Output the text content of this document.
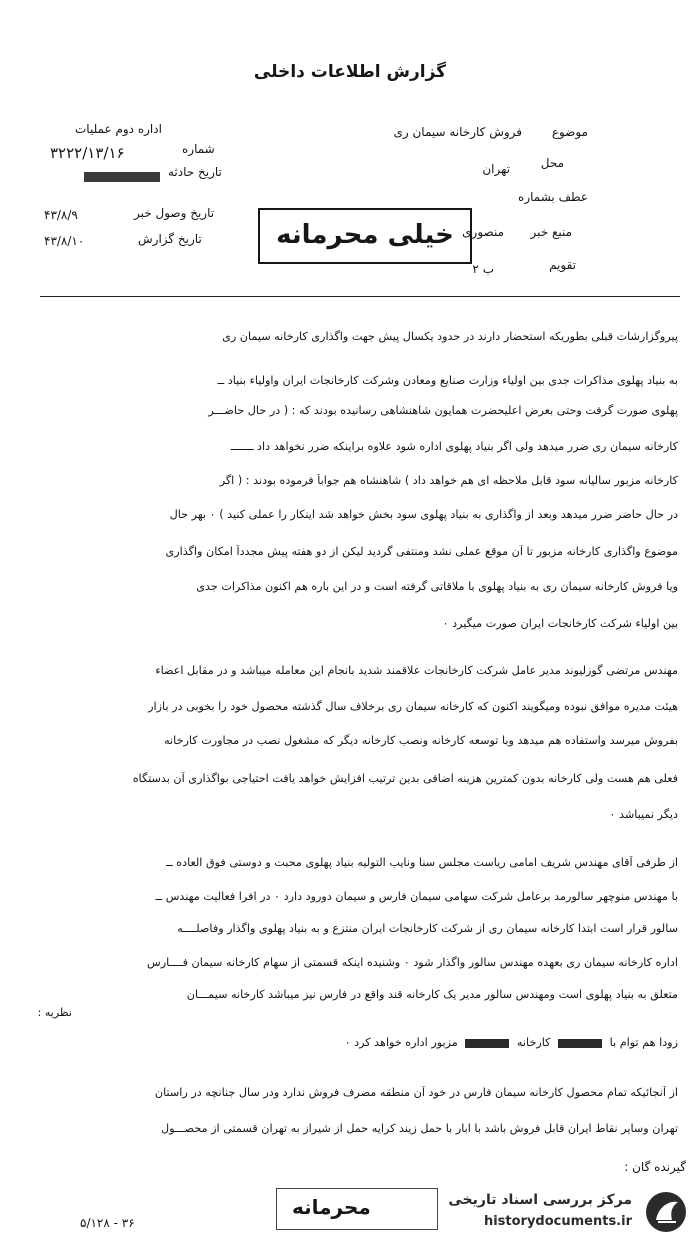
گزارش اطلاعات داخلی
موضوع
فروش کارخانه سیمان ری
محل
تهران
عطف بشماره
منبع خبر
منصوری
تقویم
ب ۲
اداره دوم عملیات
شماره
۳۲۲۲/۱۳/۱۶
تاریخ حادثه
تاریخ وصول خبر
۴۳/۸/۹
تاریخ گزارش
۴۳/۸/۱۰	خیلی محرمانه
پیروگزارشات قبلی بطوریکه استحضار دارند در حدود یکسال پیش جهت واگذاری کارخانه سیمان ری
به بنیاد پهلوی مذاکرات جدی بین اولیاء وزارت صنایع ومعادن وشرکت کارخانجات ایران واولیاء بنیاد ــ
پهلوی صورت گرفت وحتی بعرض اعلیحضرت همایون شاهنشاهی رسانیده بودند که : ( در حال حاضـــر
کارخانه سیمان ری ضرر میدهد ولی اگر بنیاد پهلوی اداره شود علاوه براینکه ضرر نخواهد داد ـــــــ
کارخانه مزبور سالیانه سود قابل ملاحظه ای هم خواهد داد ) شاهنشاه هم جواباً فرموده بودند : ( اگر
در حال حاضر ضرر میدهد وبعد از واگذاری به بنیاد پهلوی سود بخش خواهد شد اینکار را عملی کنید ) ۰ بهر حال
موضوع واگذاری کارخانه مزبور تا آن موقع عملی نشد ومنتفی گردید لیکن از دو هفته پیش مجدداً امکان واگذاری
ویا فروش کارخانه سیمان ری به بنیاد پهلوی با ملاقاتی گرفته است و در این باره هم اکنون مذاکرات جدی
بین اولیاء شرکت کارخانجات ایران صورت میگیرد ۰
مهندس مرتضی گوزلیوند مدیر عامل شرکت کارخانجات علاقمند شدید بانجام این معامله میباشد و در مقابل اعضاء
هیئت مدیره موافق نبوده ومیگویند اکنون که کارخانه سیمان ری برخلاف سال گذشته محصول خود را بخوبی در بازار
بفروش میرسد واستفاده هم میدهد وبا توسعه کارخانه ونصب کارخانه دیگر که مشغول نصب در مجاورت کارخانه
فعلی هم هست ولی کارخانه بدون کمترین هزینه اضافی بدین ترتیب افزایش خواهد یافت احتیاجی بواگذاری آن بدستگاه
دیگر نمیباشد ۰
از طرفی آقای مهندس شریف امامی ریاست مجلس سنا ونایب التولیه بنیاد پهلوی محبت و دوستی فوق العاده ــ
با مهندس منوچهر سالورمد برعامل شرکت سهامی سیمان فارس و سیمان دورود دارد ۰ در افرا فعالیت مهندس ــ
سالور قرار است ابتدا کارخانه سیمان ری از شرکت کارخانجات ایران منتزع و به بنیاد پهلوی واگذار وفاصلــــه
اداره کارخانه سیمان ری بعهده مهندس سالور واگذار شود ۰ وشنیده اینکه قسمتی از سهام کارخانه سیمان فــــارس
متعلق به بنیاد پهلوی است ومهندس سالور مدیر یک کارخانه قند واقع در فارس نیز میباشد کارخانه سیمـــان
نظریه :
زودا هم توام با  کارخانه  مزبور اداره خواهد کرد ۰
از آنجائیکه تمام محصول کارخانه سیمان فارس در خود آن منطقه مصرف فروش ندارد ودر سال جنانچه در راستان
تهران وسایر نقاط ایران قابل فروش باشد با ابار با حمل زیند کرایه حمل از شیراز به تهران قسمتی از محصـــول
گیرنده گان :
محرمانه
۳۶ - ۵/۱۲۸
مرکز بررسی اسناد تاریخی
historydocuments.ir
